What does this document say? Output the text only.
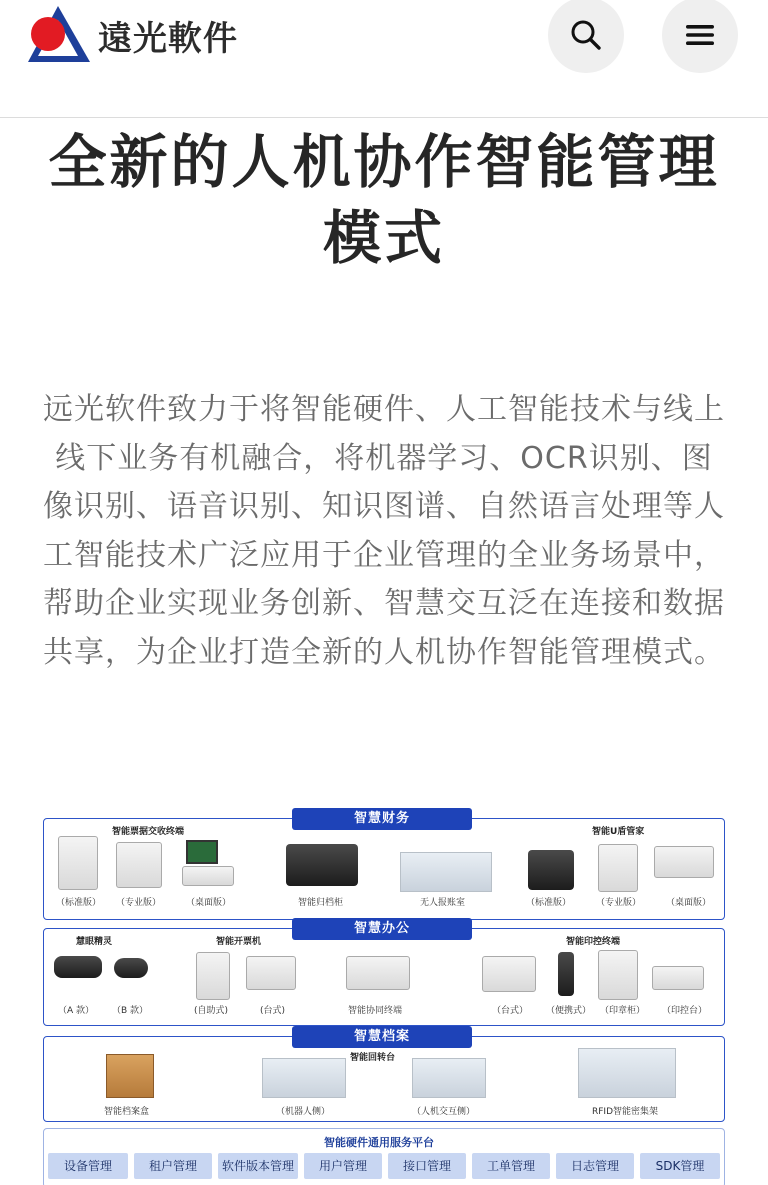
遠光軟件
全新的人机协作智能管理
模式

远光软件致力于将智能硬件、人工智能技术与线上线下业务有机融合，将机器学习、OCR识别、图像识别、语音识别、知识图谱、自然语言处理等人工智能技术广泛应用于企业管理的全业务场景中，帮助企业实现业务创新、智慧交互泛在连接和数据共享，为企业打造全新的人机协作智能管理模式。

智慧财务
智能票据交收终端	智能U盾管家
（标准版） （专业版）	（桌面版）	智能归档柜	无人报账室	（标准版）	（专业版）	（桌面版）
智慧办公
慧眼精灵	智能开票机	智能印控终端
（A 款） （B 款）	(自助式)	(台式)	智能协同终端	（台式） （便携式） （印章柜） （印控台）
智慧档案
智能回转台
智能档案盒	（机器人侧）	（人机交互侧）	RFID智能密集架
智能硬件通用服务平台
设备管理	租户管理	软件版本管理	用户管理	接口管理	工单管理	日志管理	SDK管理
